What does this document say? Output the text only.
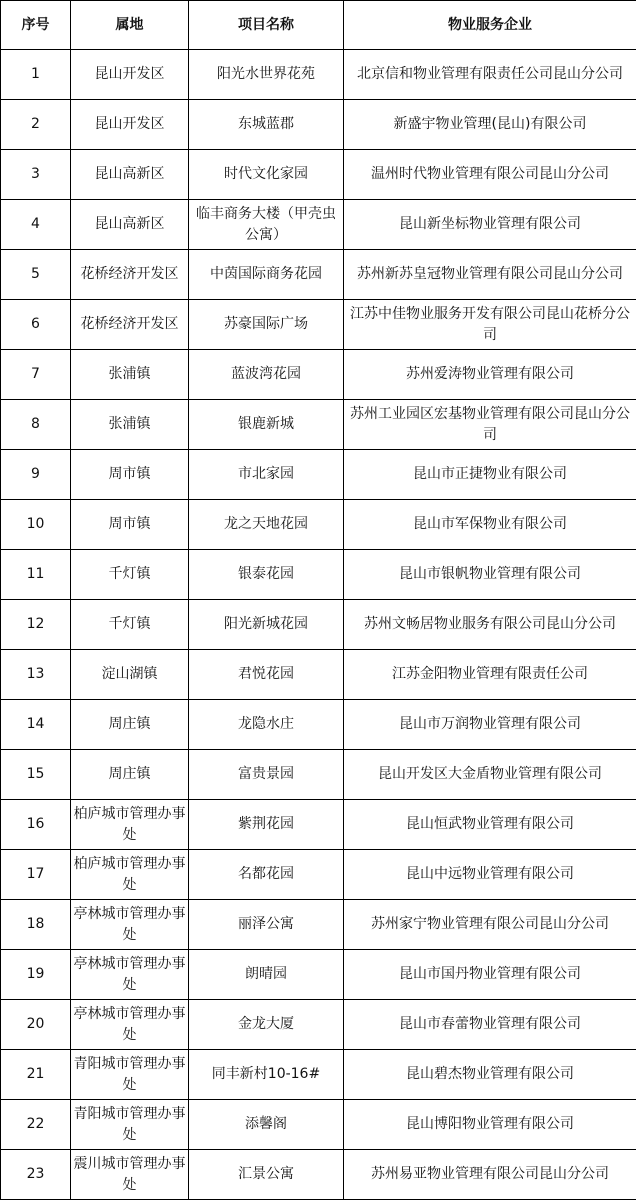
序号	属地	项目名称	物业服务企业
1	昆山开发区	阳光水世界花苑	北京信和物业管理有限责任公司昆山分公司
2	昆山开发区	东城蓝郡	新盛宇物业管理(昆山)有限公司
3	昆山高新区	时代文化家园	温州时代物业管理有限公司昆山分公司
4	昆山高新区	临丰商务大楼（甲壳虫公寓）	昆山新坐标物业管理有限公司
5	花桥经济开发区	中茵国际商务花园	苏州新苏皇冠物业管理有限公司昆山分公司
6	花桥经济开发区	苏豪国际广场	江苏中佳物业服务开发有限公司昆山花桥分公司
7	张浦镇	蓝波湾花园	苏州爱涛物业管理有限公司
8	张浦镇	银鹿新城	苏州工业园区宏基物业管理有限公司昆山分公司
9	周市镇	市北家园	昆山市正捷物业有限公司
10	周市镇	龙之天地花园	昆山市军保物业有限公司
11	千灯镇	银泰花园	昆山市银帆物业管理有限公司
12	千灯镇	阳光新城花园	苏州文畅居物业服务有限公司昆山分公司
13	淀山湖镇	君悦花园	江苏金阳物业管理有限责任公司
14	周庄镇	龙隐水庄	昆山市万润物业管理有限公司
15	周庄镇	富贵景园	昆山开发区大金盾物业管理有限公司
16	柏庐城市管理办事处	紫荆花园	昆山恒武物业管理有限公司
17	柏庐城市管理办事处	名都花园	昆山中远物业管理有限公司
18	亭林城市管理办事处	丽泽公寓	苏州家宁物业管理有限公司昆山分公司
19	亭林城市管理办事处	朗晴园	昆山市国丹物业管理有限公司
20	亭林城市管理办事处	金龙大厦	昆山市春蕾物业管理有限公司
21	青阳城市管理办事处	同丰新村10-16#	昆山碧杰物业管理有限公司
22	青阳城市管理办事处	添馨阁	昆山博阳物业管理有限公司
23	震川城市管理办事处	汇景公寓	苏州易亚物业管理有限公司昆山分公司
